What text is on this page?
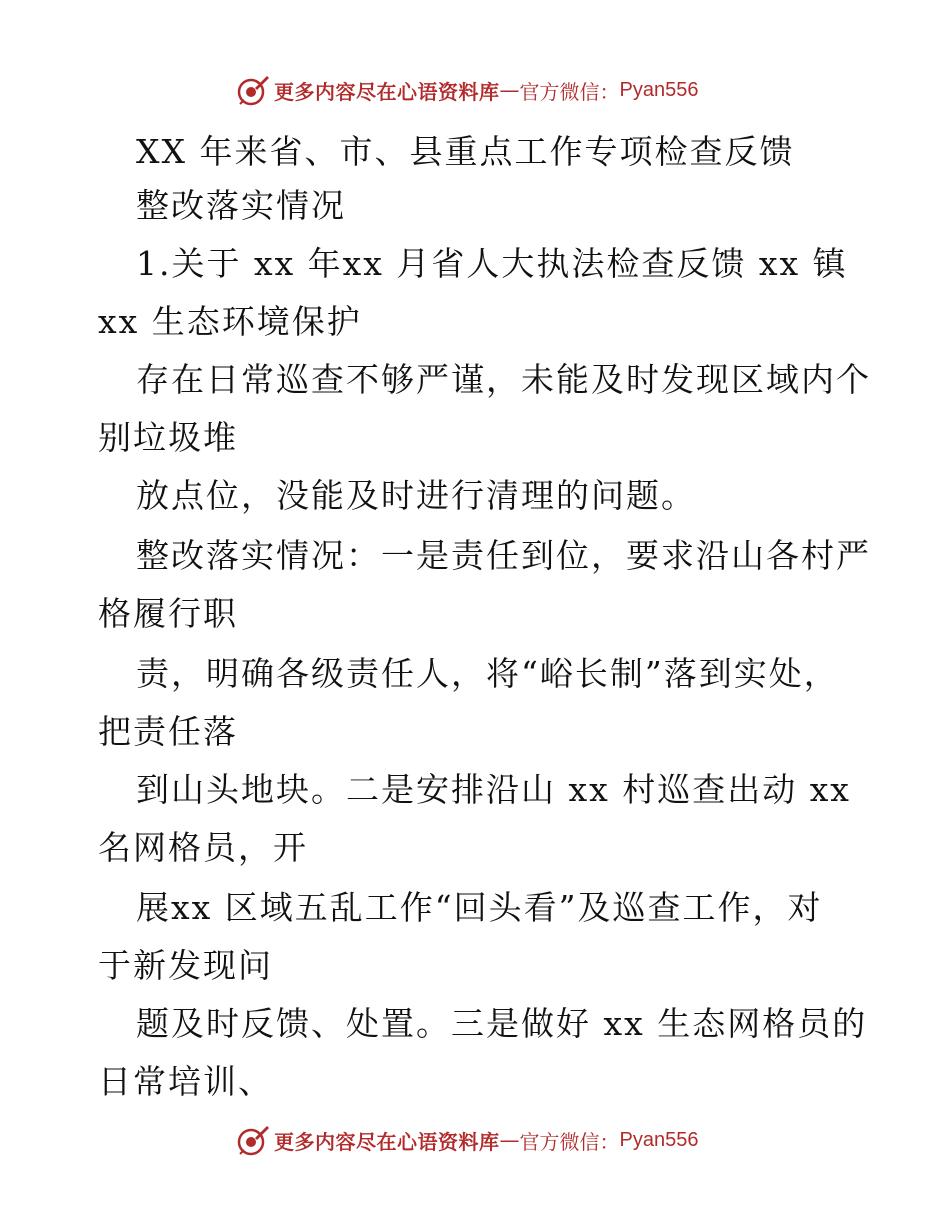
更多内容尽在心语资料库 — 官方微信： Pyan556
XX 年来省、市、县重点工作专项检查反馈
整改落实情况
1.关于 xx 年xx 月省人大执法检查反馈 xx 镇
xx 生态环境保护
存在日常巡查不够严谨，未能及时发现区域内个
别垃圾堆
放点位，没能及时进行清理的问题。
整改落实情况：一是责任到位，要求沿山各村严
格履行职
责，明确各级责任人，将“峪长制”落到实处，
把责任落
到山头地块。二是安排沿山 xx 村巡查出动 xx
名网格员，开
展xx 区域五乱工作“回头看”及巡查工作，对
于新发现问
题及时反馈、处置。三是做好 xx 生态网格员的
日常培训、
更多内容尽在心语资料库 — 官方微信： Pyan556
